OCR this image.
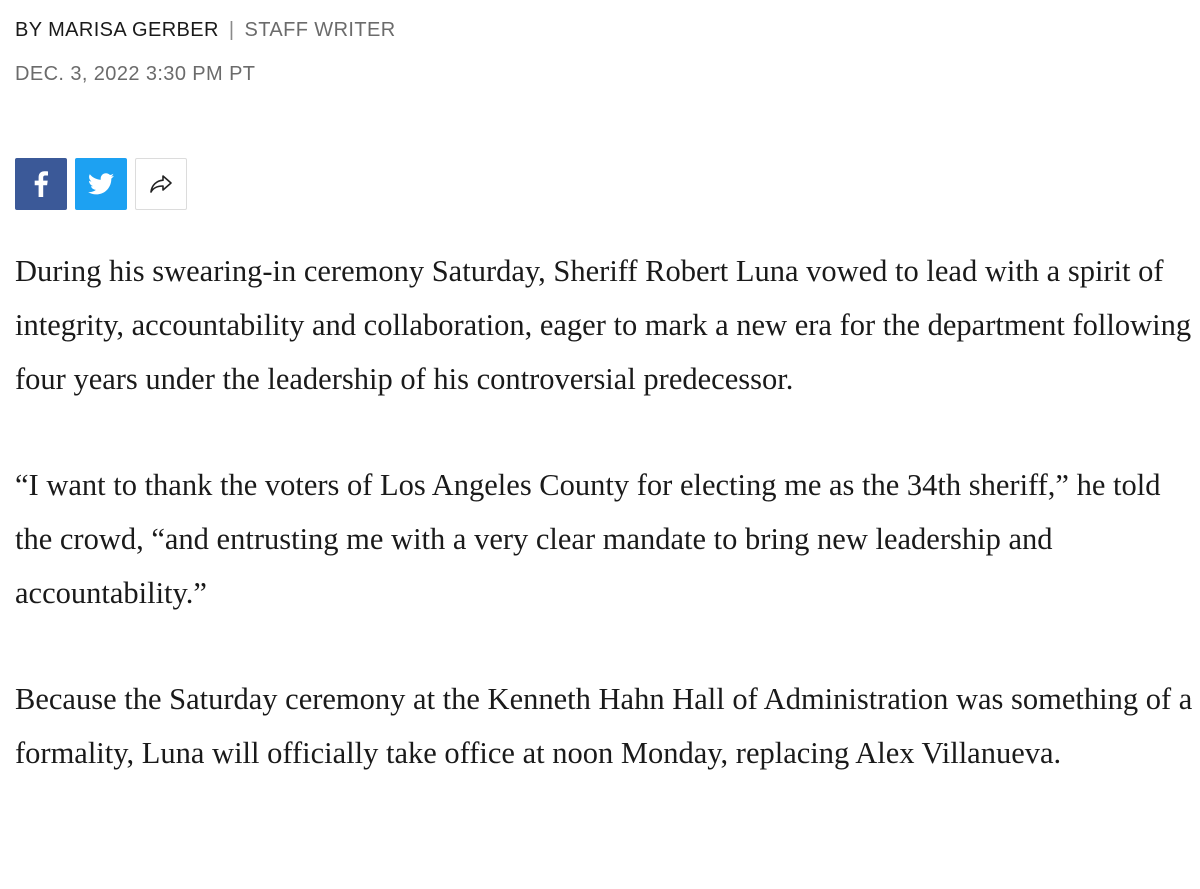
BY MARISA GERBER | STAFF WRITER
DEC. 3, 2022 3:30 PM PT

During his swearing-in ceremony Saturday, Sheriff Robert Luna vowed to lead with a spirit of integrity, accountability and collaboration, eager to mark a new era for the department following four years under the leadership of his controversial predecessor.

“I want to thank the voters of Los Angeles County for electing me as the 34th sheriff,” he told the crowd, “and entrusting me with a very clear mandate to bring new leadership and accountability.”

Because the Saturday ceremony at the Kenneth Hahn Hall of Administration was something of a formality, Luna will officially take office at noon Monday, replacing Alex Villanueva.
